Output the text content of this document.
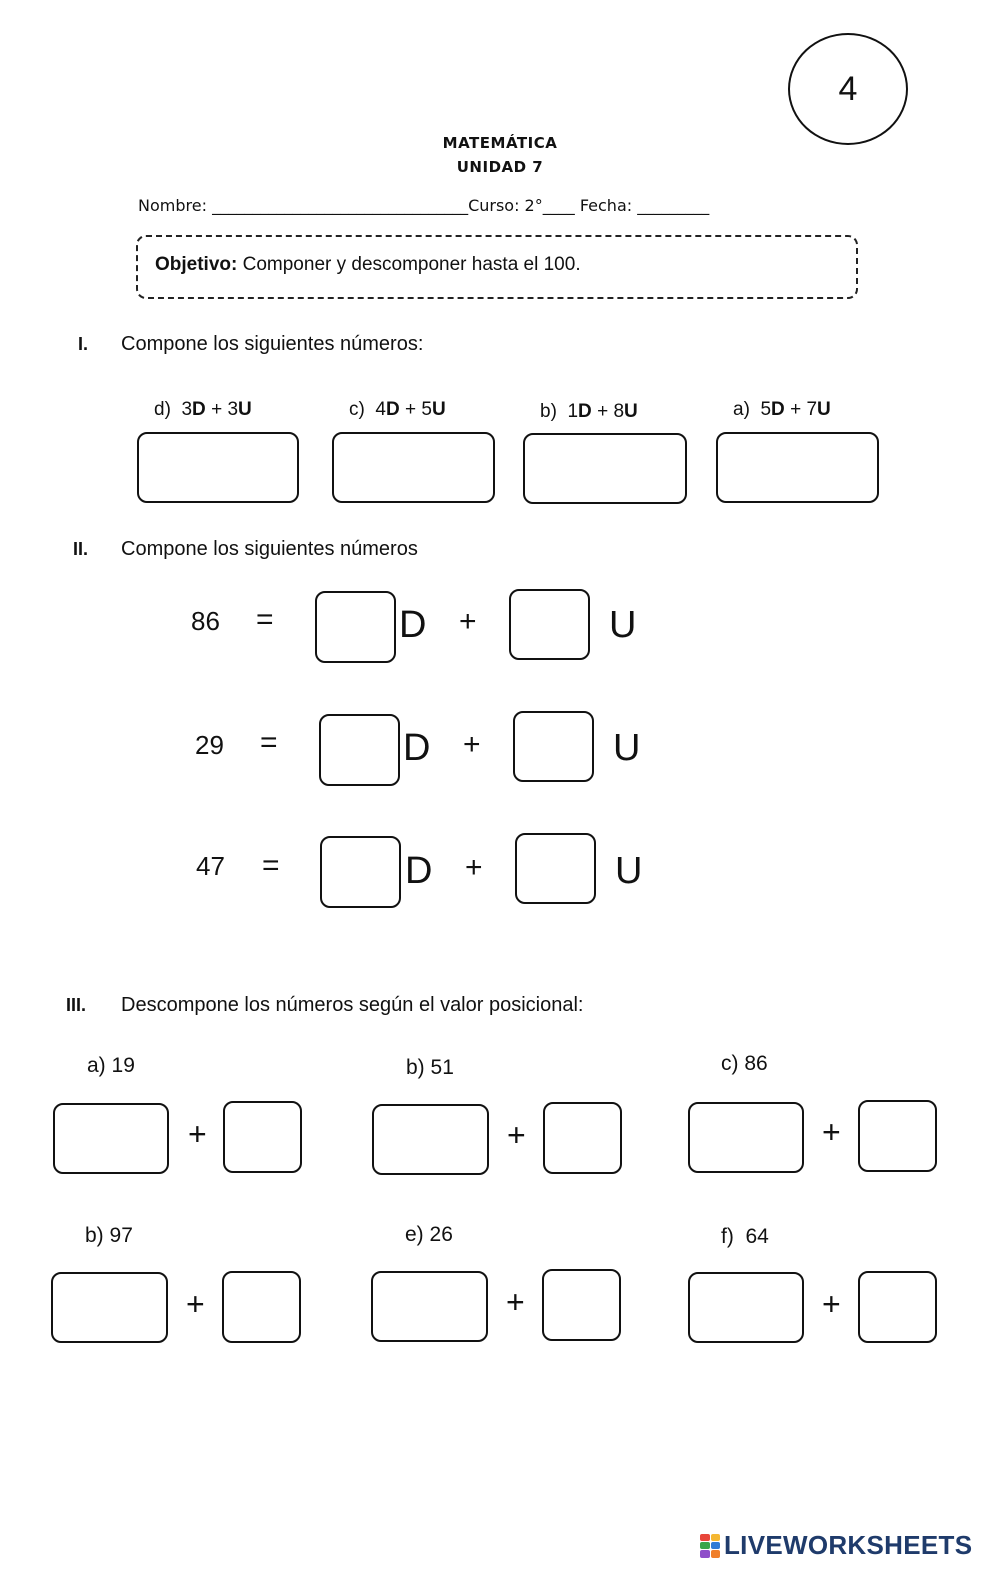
4
MATEMÁTICA
UNIDAD 7
Nombre: ________________________________Curso: 2°____ Fecha: _________
Objetivo: Componer y descomponer hasta el 100.
I. Compone los siguientes números:
d) 3D + 3U	c) 4D + 5U	b) 1D + 8U	a) 5D + 7U
II. Compone los siguientes números
86 =	D +	U
29 =	D +	U
47 =	D +	U
III. Descompone los números según el valor posicional:
a) 19	b) 51	c) 86
+	+	+
b) 97	e) 26	f) 64
+	+	+
LIVEWORKSHEETS
